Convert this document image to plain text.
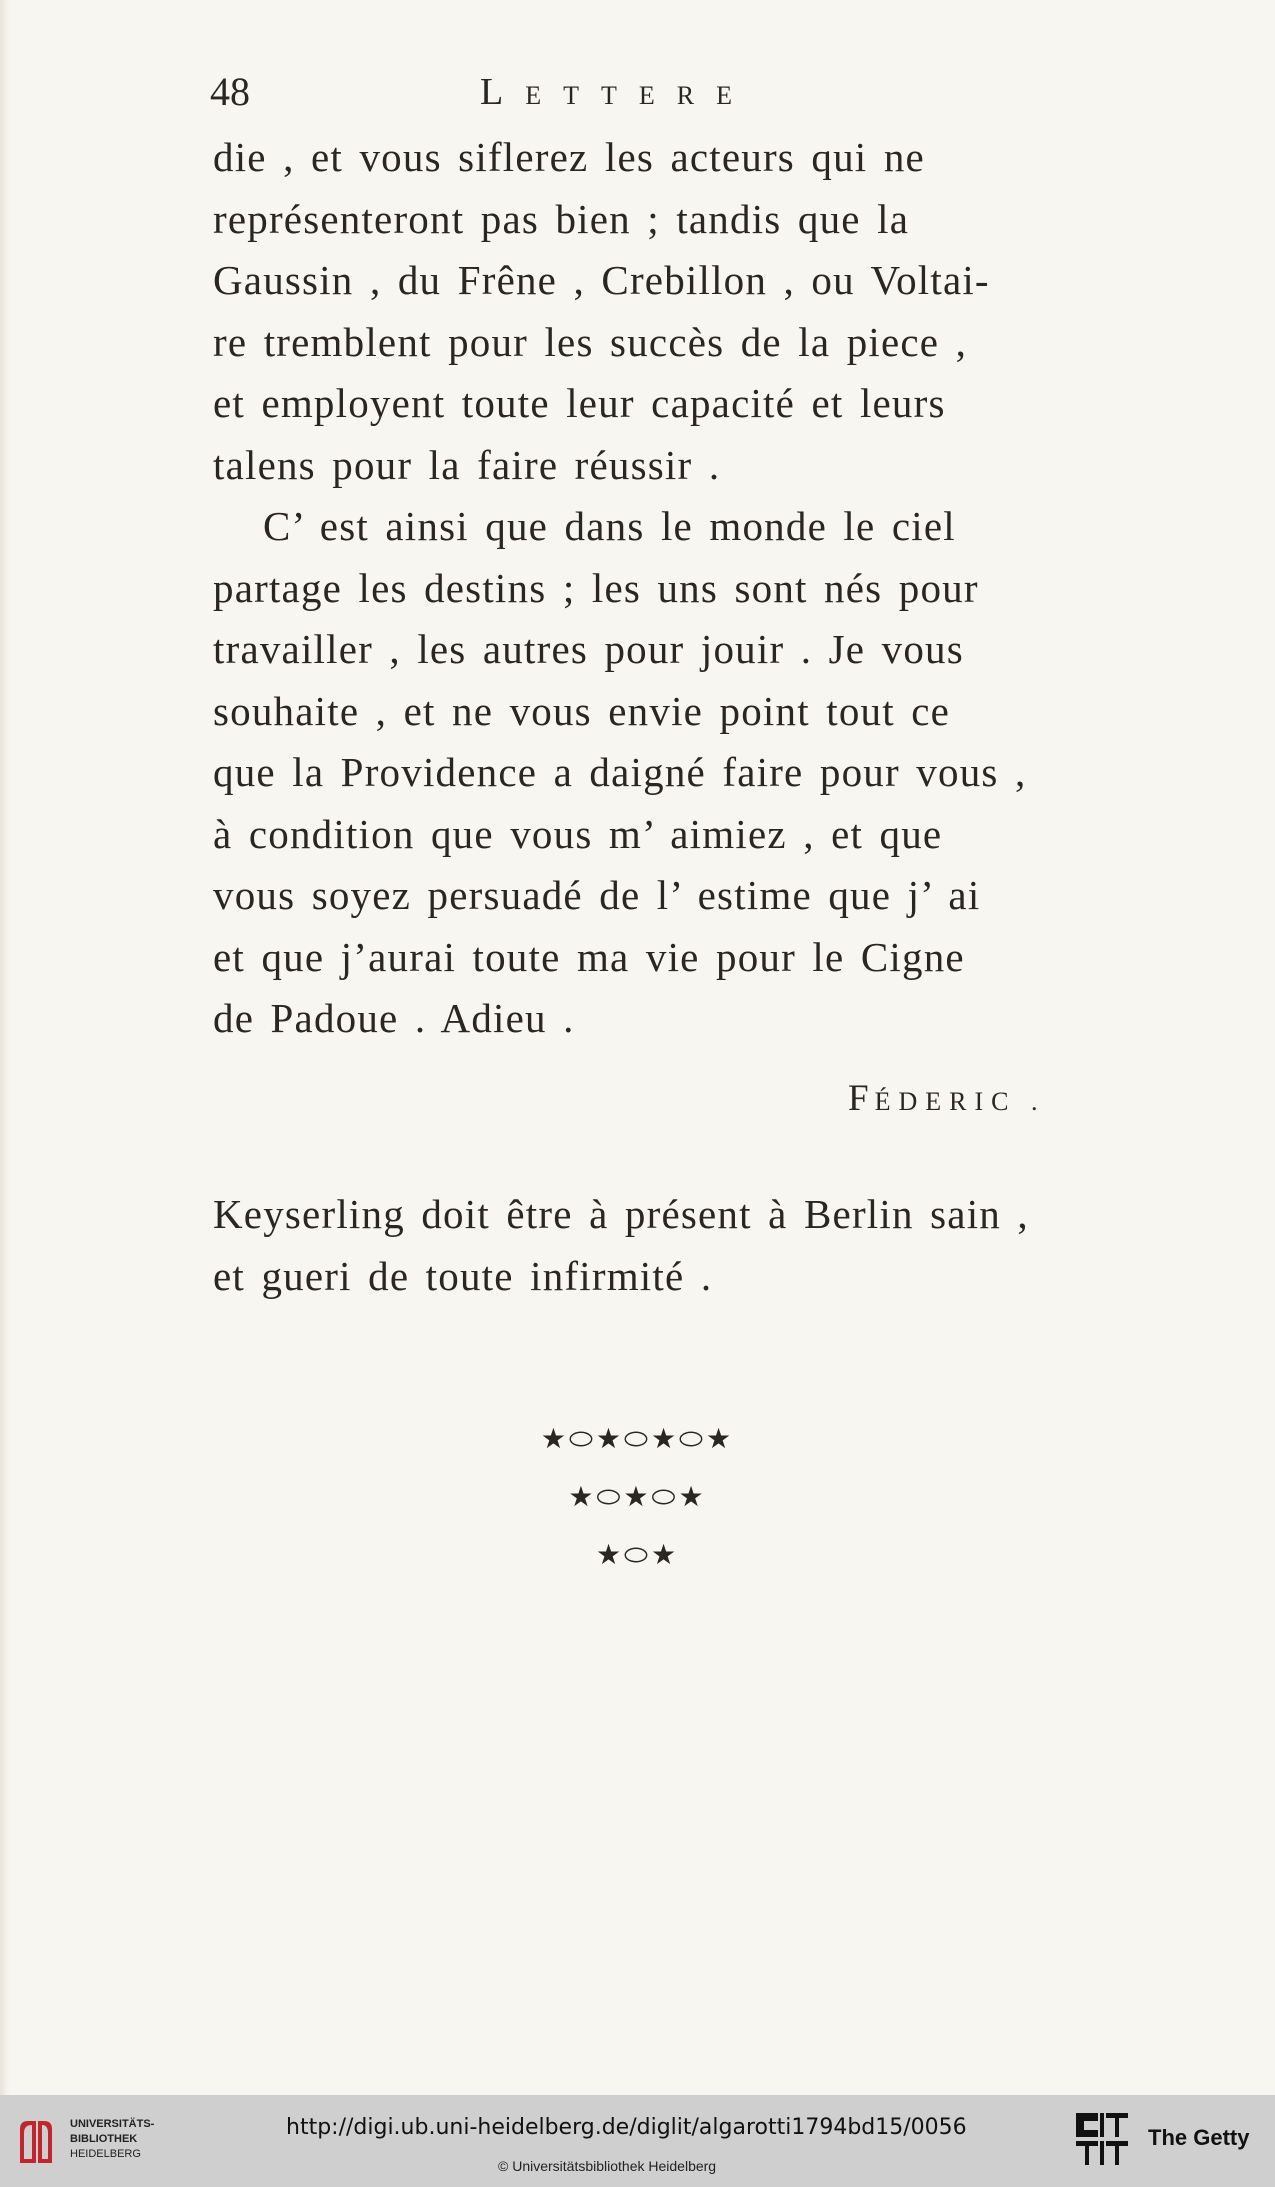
48	LETTERE
die , et vous siflerez les acteurs qui ne
représenteront pas bien ; tandis que la
Gaussin , du Frêne , Crebillon , ou Voltai-
re tremblent pour les succès de la piece ,
et employent toute leur capacité et leurs
talens pour la faire réussir .
C’ est ainsi que dans le monde le ciel
partage les destins ; les uns sont nés pour
travailler , les autres pour jouir . Je vous
souhaite , et ne vous envie point tout ce
que la Providence a daigné faire pour vous ,
à condition que vous m’ aimiez , et que
vous soyez persuadé de l’ estime que j’ ai
et que j’aurai toute ma vie pour le Cigne
de Padoue . Adieu .
FÉDERIC .
Keyserling doit être à présent à Berlin sain ,
et gueri de toute infirmité .
★⬭★⬭★⬭★
★⬭★⬭★
★⬭★
UNIVERSITÄTS-
BIBLIOTHEK
HEIDELBERG
http://digi.ub.uni-heidelberg.de/diglit/algarotti1794bd15/0056
© Universitätsbibliothek Heidelberg
The Getty
